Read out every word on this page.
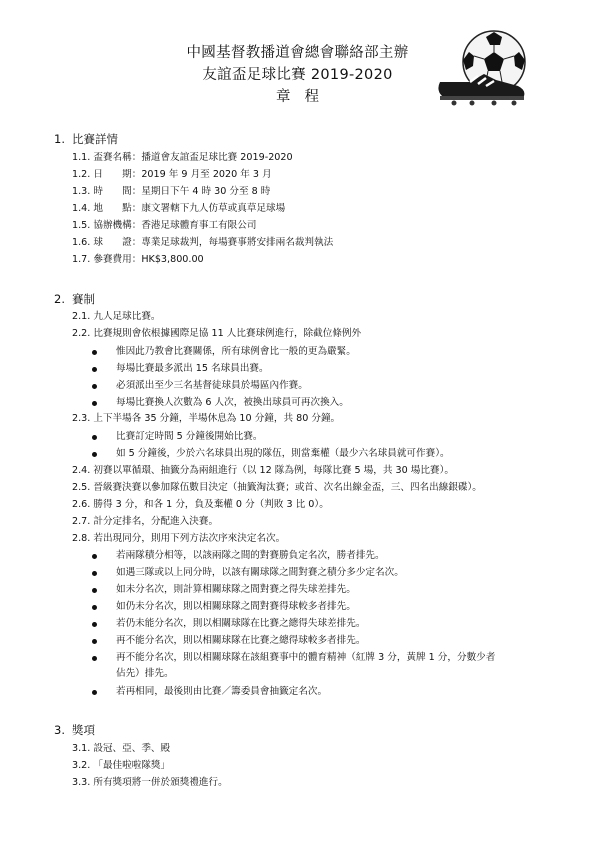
中國基督教播道會總會聯絡部主辦
友誼盃足球比賽 2019-2020
章程
1. 比賽詳情
1.1. 盃賽名稱：播道會友誼盃足球比賽 2019-2020
1.2. 日　　期：2019 年 9 月至 2020 年 3 月
1.3. 時　　間：星期日下午 4 時 30 分至 8 時
1.4. 地　　點：康文署轄下九人仿草或真草足球場
1.5. 協辦機構：香港足球體育事工有限公司
1.6. 球　　證：專業足球裁判，每場賽事將安排兩名裁判執法
1.7. 參賽費用：HK$3,800.00
2. 賽制
2.1. 九人足球比賽。
2.2. 比賽規則會依根據國際足協 11 人比賽球例進行，除截位條例外
惟因此乃教會比賽關係，所有球例會比一般的更為嚴緊。
每場比賽最多派出 15 名球員出賽。
必須派出至少三名基督徒球員於場區內作賽。
每場比賽換人次數為 6 人次，被換出球員可再次換入。
2.3. 上下半場各 35 分鐘，半場休息為 10 分鐘，共 80 分鐘。
比賽訂定時間 5 分鐘後開始比賽。
如 5 分鐘後，少於六名球員出現的隊伍，則當棄權（最少六名球員就可作賽）。
2.4. 初賽以單循環、抽籤分為兩組進行（以 12 隊為例，每隊比賽 5 場，共 30 場比賽）。
2.5. 晉級賽決賽以參加隊伍數目決定（抽籤淘汰賽；或首、次名出線金盃，三、四名出線銀碟）。
2.6. 勝得 3 分，和各 1 分，負及棄權 0 分（判敗 3 比 0）。
2.7. 計分定排名，分配進入決賽。
2.8. 若出現同分，則用下列方法次序來決定名次。
若兩隊積分相等，以該兩隊之間的對賽勝負定名次，勝者排先。
如遇三隊或以上同分時，以該有關球隊之間對賽之積分多少定名次。
如未分名次，則計算相關球隊之間對賽之得失球差排先。
如仍未分名次，則以相關球隊之間對賽得球較多者排先。
若仍未能分名次，則以相關球隊在比賽之總得失球差排先。
再不能分名次，則以相關球隊在比賽之總得球較多者排先。
再不能分名次，則以相關球隊在該組賽事中的體育精神（紅牌 3 分，黃牌 1 分，分數少者
佔先）排先。
若再相同，最後則由比賽／籌委員會抽籤定名次。
3. 獎項
3.1. 設冠、亞、季、殿
3.2. 「最佳啦啦隊獎」
3.3. 所有獎項將一併於頒獎禮進行。
